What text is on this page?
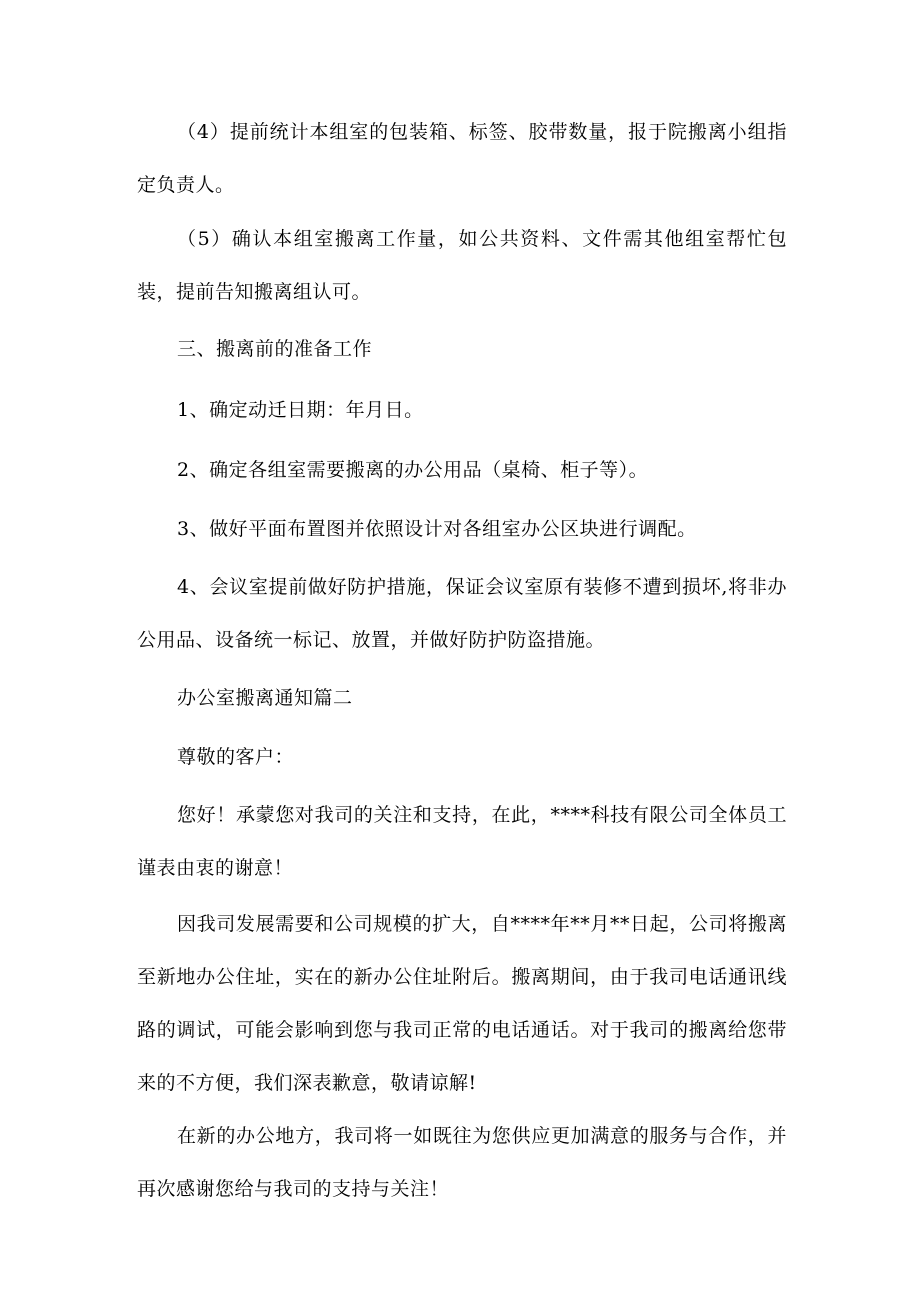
（4）提前统计本组室的包装箱、标签、胶带数量，报于院搬离小组指定负责人。

（5）确认本组室搬离工作量，如公共资料、文件需其他组室帮忙包装，提前告知搬离组认可。

三、搬离前的准备工作

1、确定动迁日期：年月日。

2、确定各组室需要搬离的办公用品（桌椅、柜子等）。

3、做好平面布置图并依照设计对各组室办公区块进行调配。

4、会议室提前做好防护措施，保证会议室原有装修不遭到损坏,将非办公用品、设备统一标记、放置，并做好防护防盗措施。

办公室搬离通知篇二

尊敬的客户：

您好！承蒙您对我司的关注和支持，在此，****科技有限公司全体员工谨表由衷的谢意！

因我司发展需要和公司规模的扩大，自****年**月**日起，公司将搬离至新地办公住址，实在的新办公住址附后。搬离期间，由于我司电话通讯线路的调试，可能会影响到您与我司正常的电话通话。对于我司的搬离给您带来的不方便，我们深表歉意，敬请谅解!

在新的办公地方，我司将一如既往为您供应更加满意的服务与合作，并再次感谢您给与我司的支持与关注！
